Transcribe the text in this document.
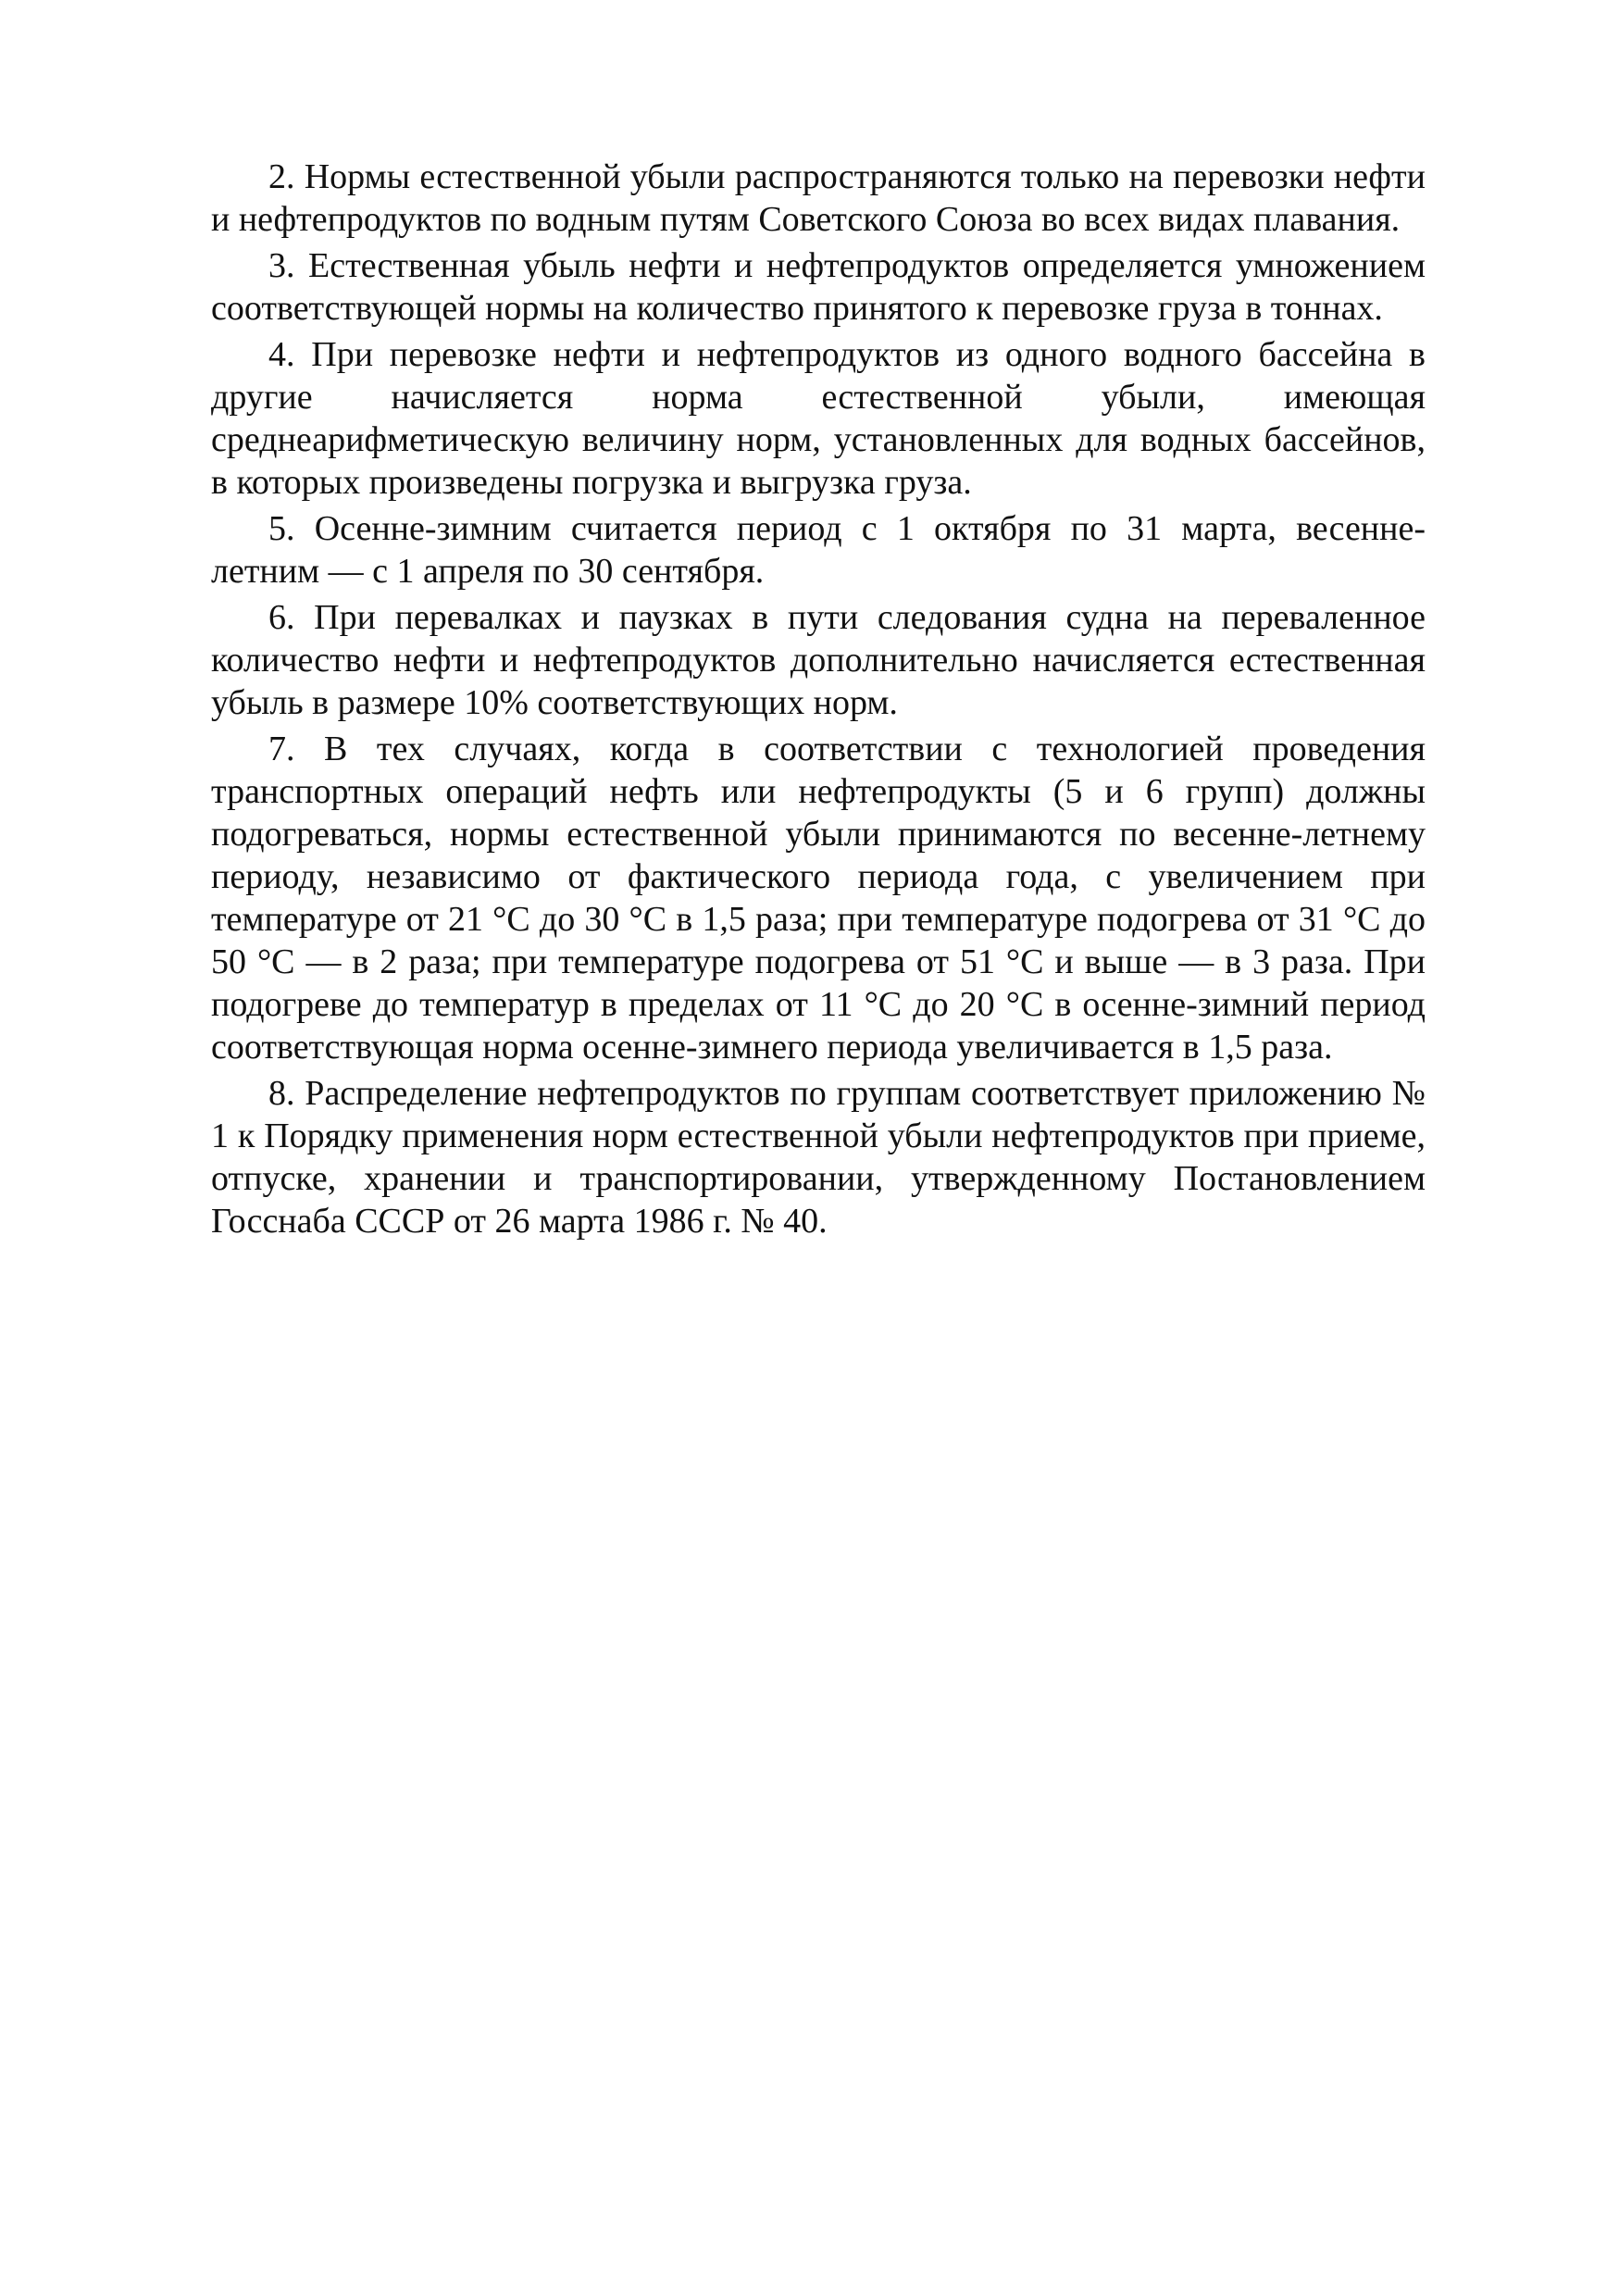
2. Нормы естественной убыли распространяются только на перевозки нефти и нефтепродуктов по водным путям Советского Союза во всех видах плавания.

3. Естественная убыль нефти и нефтепродуктов определяется умножением соответствующей нормы на количество принятого к перевозке груза в тоннах.

4. При перевозке нефти и нефтепродуктов из одного водного бассейна в другие начисляется норма естественной убыли, имеющая среднеарифметическую величину норм, установленных для водных бассейнов, в которых произведены погрузка и выгрузка груза.

5. Осенне-зимним считается период с 1 октября по 31 марта, весенне-летним — с 1 апреля по 30 сентября.

6. При перевалках и паузках в пути следования судна на переваленное количество нефти и нефтепродуктов дополнительно начисляется естественная убыль в размере 10% соответствующих норм.

7. В тех случаях, когда в соответствии с технологией проведения транспортных операций нефть или нефтепродукты (5 и 6 групп) должны подогреваться, нормы естественной убыли принимаются по весенне-летнему периоду, независимо от фактического периода года, с увеличением при температуре от 21 °С до 30 °С в 1,5 раза; при температуре подогрева от 31 °С до 50 °С — в 2 раза; при температуре подогрева от 51 °С и выше — в 3 раза. При подогреве до температур в пределах от 11 °С до 20 °С в осенне-зимний период соответствующая норма осенне-зимнего периода увеличивается в 1,5 раза.

8. Распределение нефтепродуктов по группам соответствует приложению № 1 к Порядку применения норм естественной убыли нефтепродуктов при приеме, отпуске, хранении и транспортировании, утвержденному Постановлением Госснаба СССР от 26 марта 1986 г. № 40.
